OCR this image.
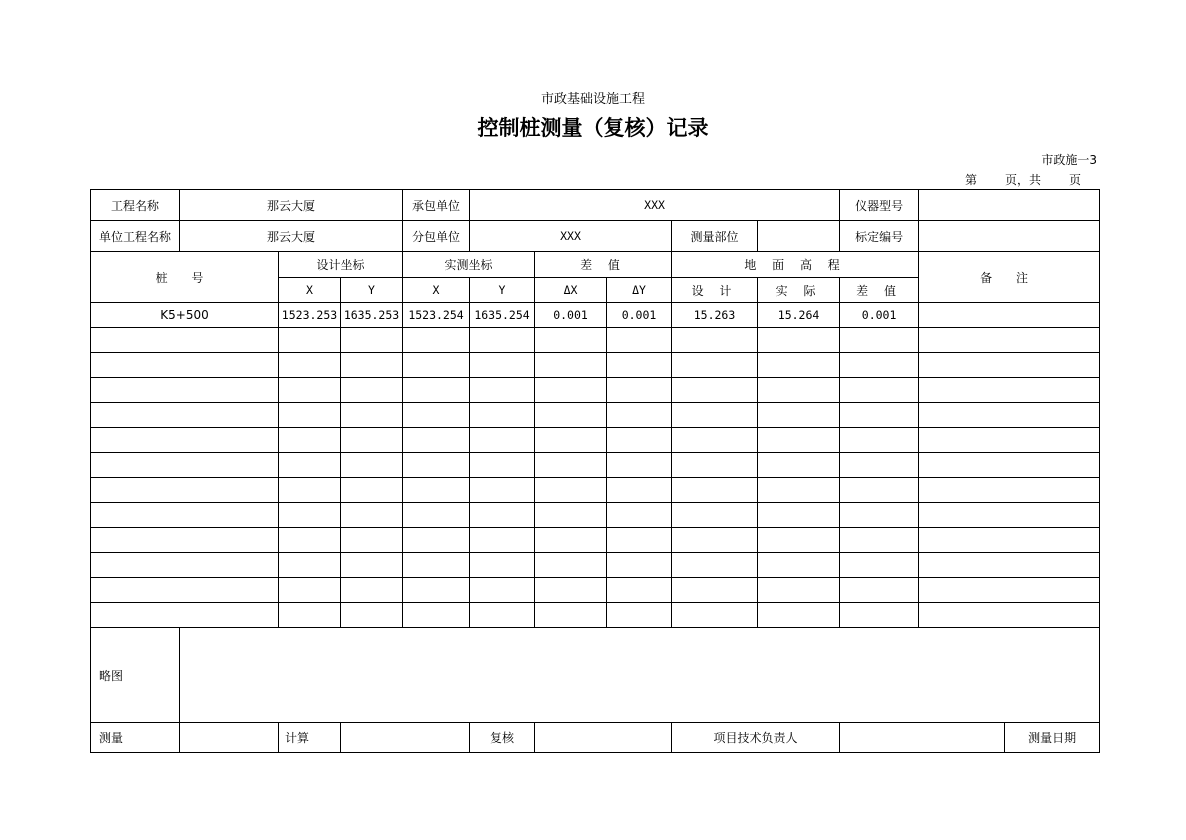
市政基础设施工程
控制桩测量（复核）记录
市政施一3
第 页，共 页
工程名称	那云大厦			承包单位	XXX					仪器型号			
单位工程名称	那云大厦			分包单位	XXX			测量部位		标定编号			
桩 号		设计坐标		实测坐标		差 值		地 面 高 程			备 注		
		X	Y	X	Y	ΔX	ΔY	设 计	实 际	差 值			
K5+500		1523.253	1635.253	1523.254	1635.254	0.001	0.001	15.263	15.264	0.001			

略图													
测量		计算			复核			项目技术负责人				测量日期	
